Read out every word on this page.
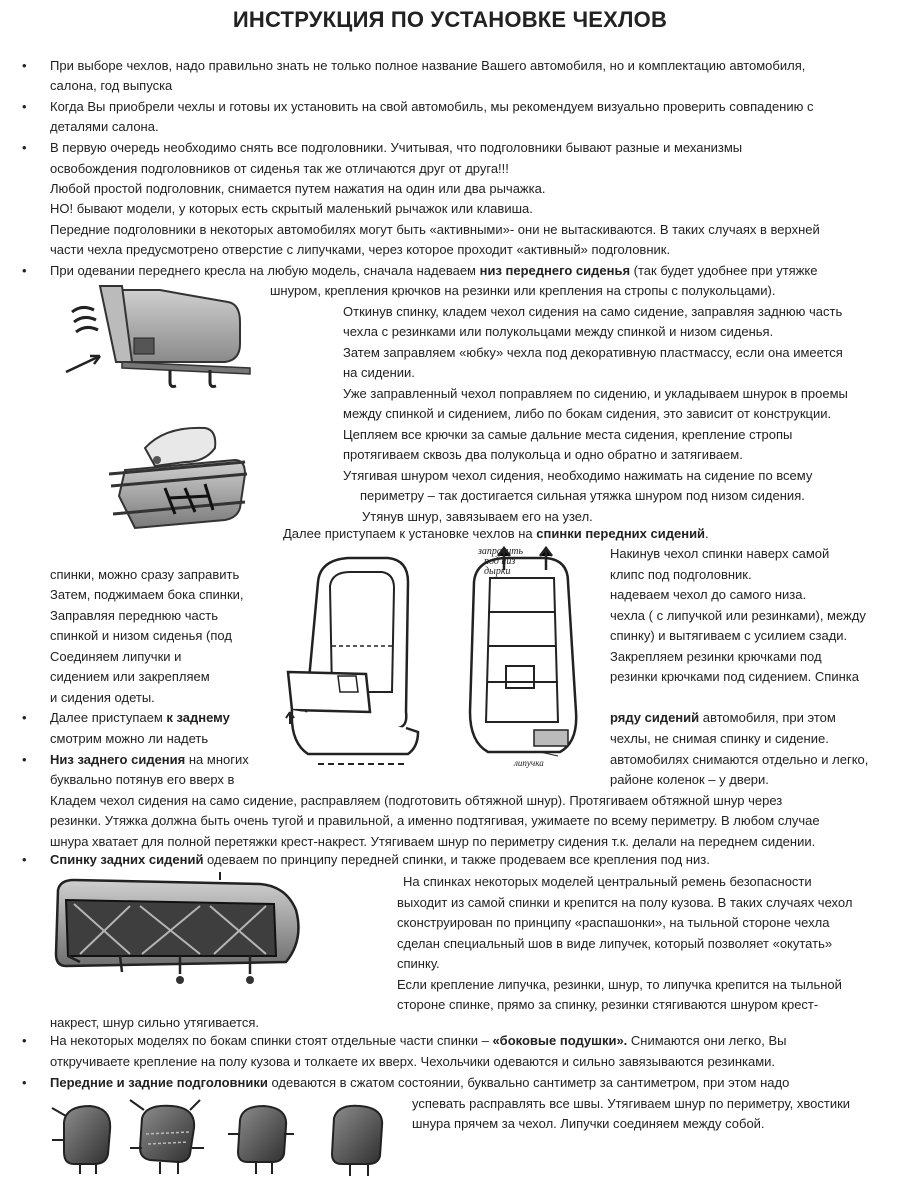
ИНСТРУКЦИЯ ПО УСТАНОВКЕ ЧЕХЛОВ
•
•
•
•
•
•
•
•
•
При выборе чехлов, надо правильно знать не только полное название Вашего автомобиля, но и комплектацию автомобиля,
салона, год выпуска
Когда Вы приобрели чехлы и готовы их установить на свой автомобиль, мы рекомендуем визуально проверить совпадению с
деталями салона.
В первую очередь необходимо снять все подголовники. Учитывая, что подголовники бывают разные и механизмы
освобождения подголовников от сиденья так же отличаются друг от друга!!!
Любой простой подголовник, снимается путем нажатия на один или два рычажка.
НО! бывают модели, у которых есть скрытый маленький рычажок или клавиша.
Передние подголовники в некоторых автомобилях могут быть «активными»- они не вытаскиваются. В таких случаях в верхней
части чехла предусмотрено отверстие с липучками, через которое проходит «активный» подголовник.
При одевании переднего кресла на любую модель, сначала надеваем низ переднего сиденья (так будет удобнее при утяжке
шнуром, крепления крючков на резинки или крепления на стропы с полукольцами).
Откинув спинку, кладем чехол сидения на само сидение, заправляя заднюю часть
чехла с резинками или полукольцами между спинкой и низом сиденья.
Затем заправляем «юбку» чехла под декоративную пластмассу, если она имеется
на сидении.
Уже заправленный чехол поправляем по сидению, и укладываем шнурок в проемы
между спинкой и сидением, либо по бокам сидения, это зависит от конструкции.
Цепляем все крючки за самые дальние места сидения, крепление стропы
протягиваем сквозь два полукольца и одно обратно и затягиваем.
Утягивая шнуром чехол сидения, необходимо нажимать на сидение по всему
периметру – так достигается сильная утяжка шнуром под низом сидения.
Утянув шнур, завязываем его на узел.
Далее приступаем к установке чехлов на спинки передних сидений.
Накинув чехол спинки наверх самой
спинки, можно сразу заправить	клипс под подголовник.
Затем, поджимаем бока спинки,	надеваем чехол до самого низа.
Заправляя переднюю часть	чехла ( с липучкой или резинками), между
спинкой и низом сиденья (под	спинку) и вытягиваем с усилием сзади.
Соединяем липучки и	Закрепляем резинки крючками под
сидением или закрепляем	резинки крючками под сидением. Спинка
и сидения одеты.
Далее приступаем к заднему	ряду сидений автомобиля, при этом
смотрим можно ли надеть	чехлы, не снимая спинку и сидение.
Низ заднего сидения на многих	автомобилях снимаются отдельно и легко,
буквально потянув его вверх в	районе коленок – у двери.
заправить
под низ
дырки
липучка
Кладем чехол сидения на само сидение, расправляем (подготовить обтяжной шнур). Протягиваем обтяжной шнур через
резинки. Утяжка должна быть очень тугой и правильной, а именно подтягивая, ужимаете по всему периметру. В любом случае
шнура хватает для полной перетяжки крест-накрест. Утягиваем шнур по периметру сидения т.к. делали на переднем сидении.
Спинку задних сидений одеваем по принципу передней спинки, и также продеваем все крепления под низ.
На спинках некоторых моделей центральный ремень безопасности
выходит из самой спинки и крепится на полу кузова. В таких случаях чехол
сконструирован по принципу «распашонки», на тыльной стороне чехла
сделан специальный шов в виде липучек, который позволяет «окутать»
спинку.
Если крепление липучка, резинки, шнур, то липучка крепится на тыльной
стороне спинке, прямо за спинку, резинки стягиваются шнуром крест-
накрест, шнур сильно утягивается.
На некоторых моделях по бокам спинки стоят отдельные части спинки – «боковые подушки». Снимаются они легко, Вы
откручиваете крепление на полу кузова и толкаете их вверх. Чехольчики одеваются и сильно завязываются резинками.
Передние и задние подголовники одеваются в сжатом состоянии, буквально сантиметр за сантиметром, при этом надо
успевать расправлять все швы. Утягиваем шнур по периметру, хвостики
шнура прячем за чехол. Липучки соединяем между собой.
